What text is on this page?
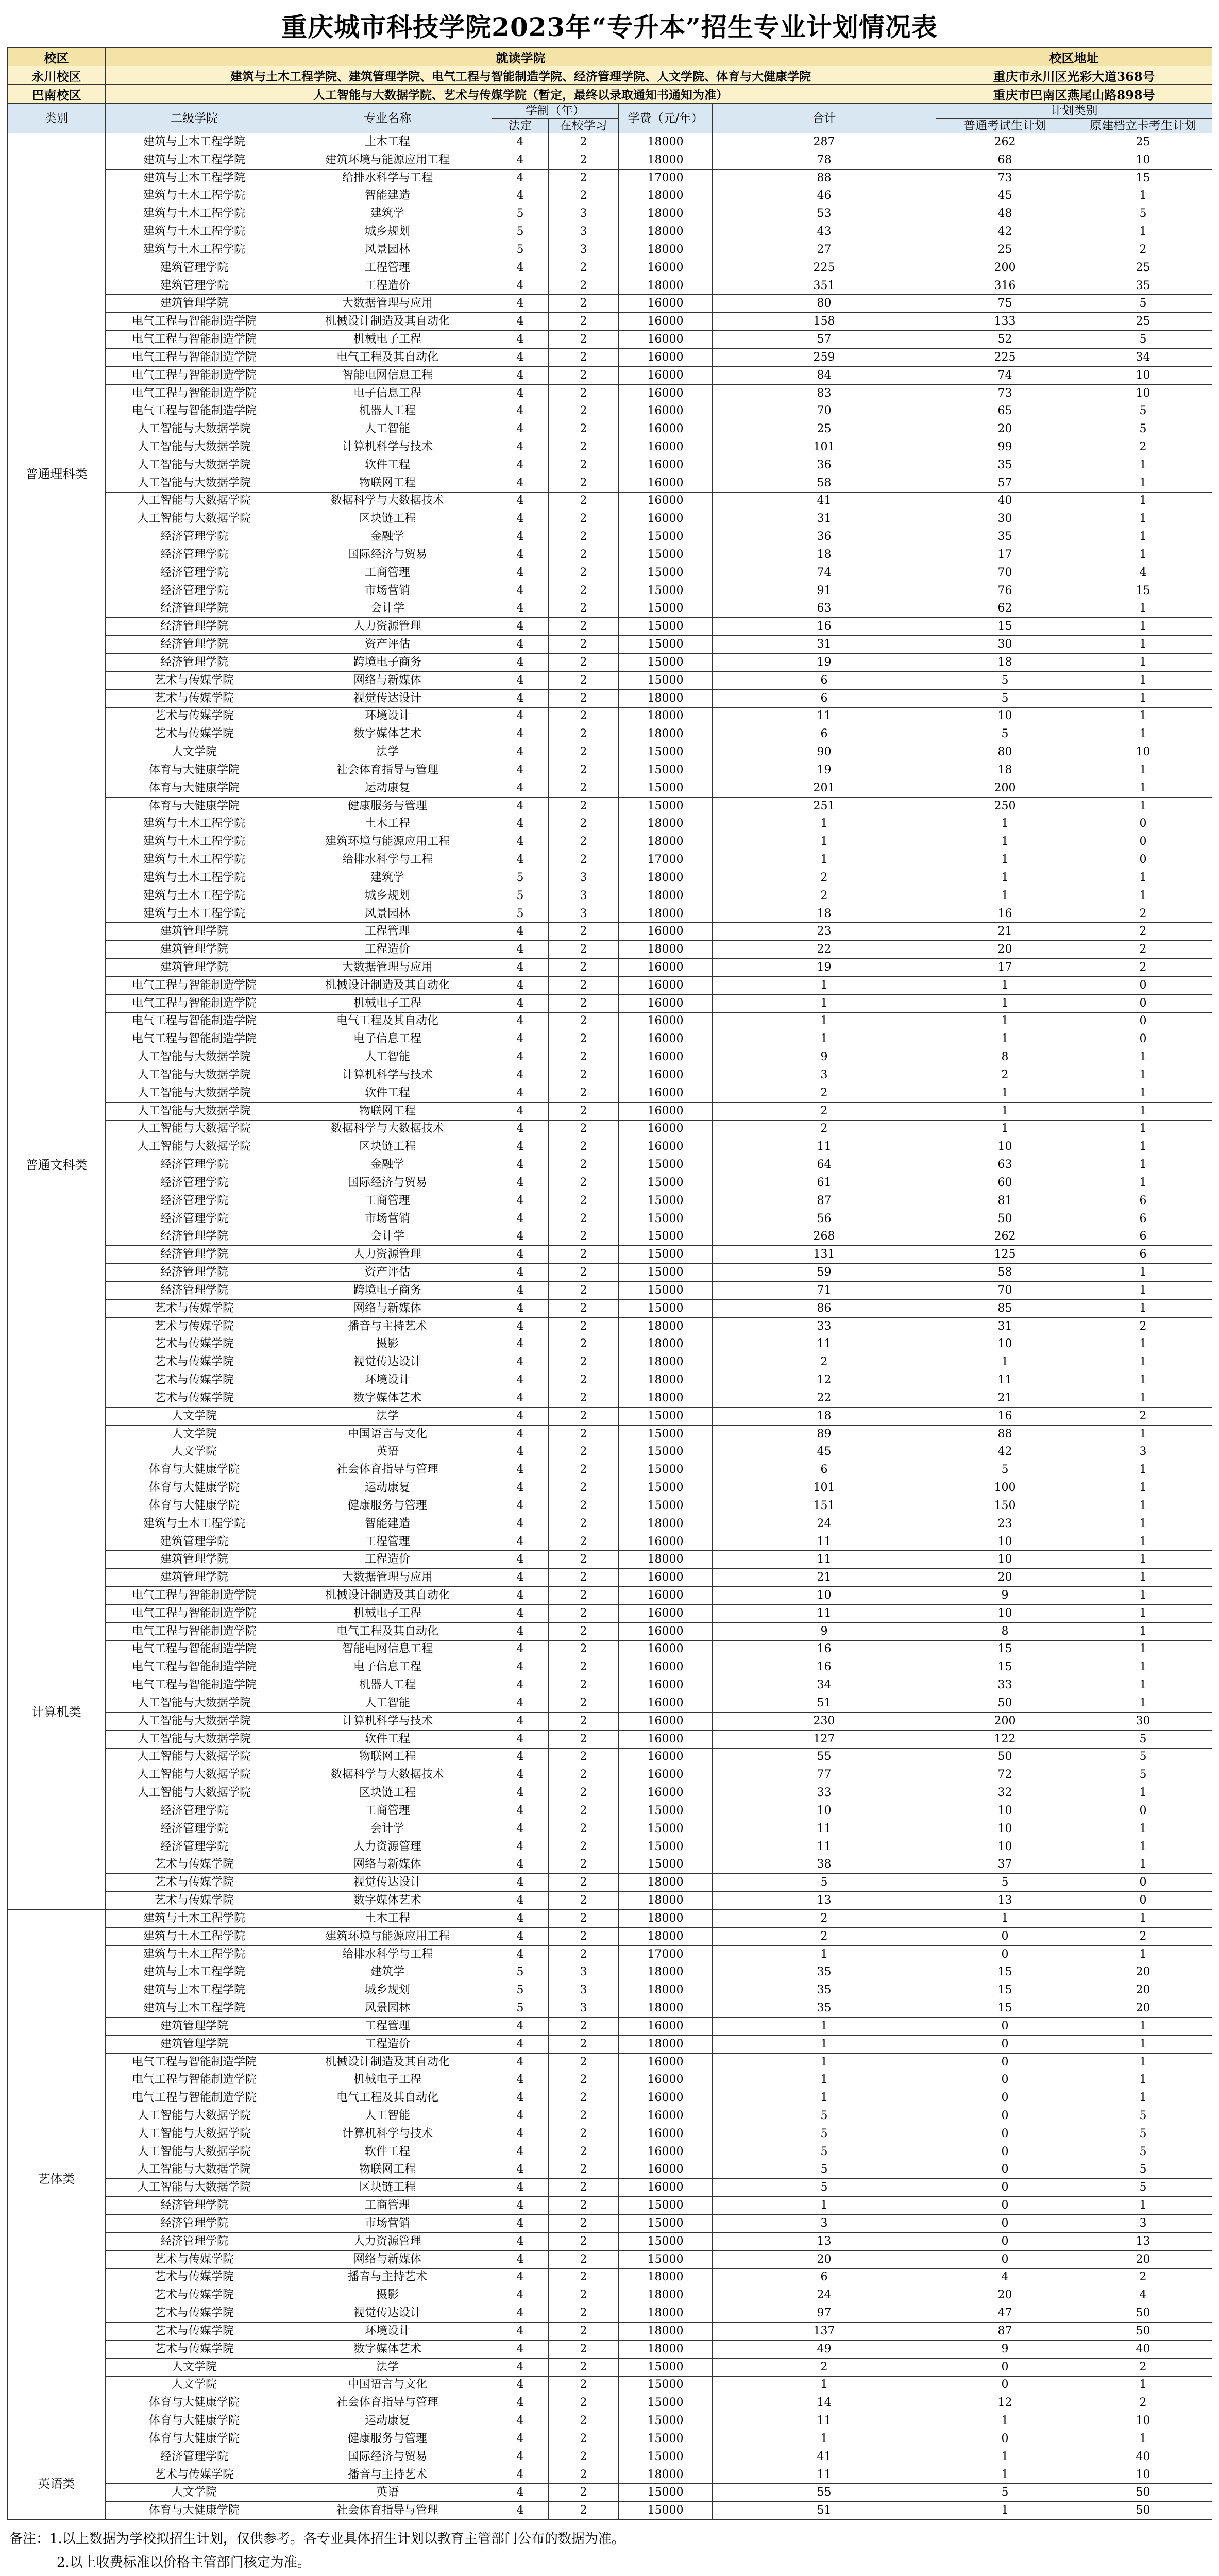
重庆城市科技学院2023年“专升本”招生专业计划情况表
校区	就读学院	校区地址
永川校区	建筑与土木工程学院、建筑管理学院、电气工程与智能制造学院、经济管理学院、人文学院、体育与大健康学院	重庆市永川区光彩大道368号
巴南校区	人工智能与大数据学院、艺术与传媒学院（暂定，最终以录取通知书通知为准）	重庆市巴南区燕尾山路898号
类别	二级学院	专业名称	学制（年）		学费（元/年）	合计	计划类别	
			法定	在校学习			普通考试生计划	原建档立卡考生计划
普通理科类	建筑与土木工程学院	土木工程	4	2	18000	287	262	25
	建筑与土木工程学院	建筑环境与能源应用工程	4	2	18000	78	68	10
	建筑与土木工程学院	给排水科学与工程	4	2	17000	88	73	15
	建筑与土木工程学院	智能建造	4	2	18000	46	45	1
	建筑与土木工程学院	建筑学	5	3	18000	53	48	5
	建筑与土木工程学院	城乡规划	5	3	18000	43	42	1
	建筑与土木工程学院	风景园林	5	3	18000	27	25	2
	建筑管理学院	工程管理	4	2	16000	225	200	25
	建筑管理学院	工程造价	4	2	18000	351	316	35
	建筑管理学院	大数据管理与应用	4	2	16000	80	75	5
	电气工程与智能制造学院	机械设计制造及其自动化	4	2	16000	158	133	25
	电气工程与智能制造学院	机械电子工程	4	2	16000	57	52	5
	电气工程与智能制造学院	电气工程及其自动化	4	2	16000	259	225	34
	电气工程与智能制造学院	智能电网信息工程	4	2	16000	84	74	10
	电气工程与智能制造学院	电子信息工程	4	2	16000	83	73	10
	电气工程与智能制造学院	机器人工程	4	2	16000	70	65	5
	人工智能与大数据学院	人工智能	4	2	16000	25	20	5
	人工智能与大数据学院	计算机科学与技术	4	2	16000	101	99	2
	人工智能与大数据学院	软件工程	4	2	16000	36	35	1
	人工智能与大数据学院	物联网工程	4	2	16000	58	57	1
	人工智能与大数据学院	数据科学与大数据技术	4	2	16000	41	40	1
	人工智能与大数据学院	区块链工程	4	2	16000	31	30	1
	经济管理学院	金融学	4	2	15000	36	35	1
	经济管理学院	国际经济与贸易	4	2	15000	18	17	1
	经济管理学院	工商管理	4	2	15000	74	70	4
	经济管理学院	市场营销	4	2	15000	91	76	15
	经济管理学院	会计学	4	2	15000	63	62	1
	经济管理学院	人力资源管理	4	2	15000	16	15	1
	经济管理学院	资产评估	4	2	15000	31	30	1
	经济管理学院	跨境电子商务	4	2	15000	19	18	1
	艺术与传媒学院	网络与新媒体	4	2	15000	6	5	1
	艺术与传媒学院	视觉传达设计	4	2	18000	6	5	1
	艺术与传媒学院	环境设计	4	2	18000	11	10	1
	艺术与传媒学院	数字媒体艺术	4	2	18000	6	5	1
	人文学院	法学	4	2	15000	90	80	10
	体育与大健康学院	社会体育指导与管理	4	2	15000	19	18	1
	体育与大健康学院	运动康复	4	2	15000	201	200	1
	体育与大健康学院	健康服务与管理	4	2	15000	251	250	1
普通文科类	建筑与土木工程学院	土木工程	4	2	18000	1	1	0
	建筑与土木工程学院	建筑环境与能源应用工程	4	2	18000	1	1	0
	建筑与土木工程学院	给排水科学与工程	4	2	17000	1	1	0
	建筑与土木工程学院	建筑学	5	3	18000	2	1	1
	建筑与土木工程学院	城乡规划	5	3	18000	2	1	1
	建筑与土木工程学院	风景园林	5	3	18000	18	16	2
	建筑管理学院	工程管理	4	2	16000	23	21	2
	建筑管理学院	工程造价	4	2	18000	22	20	2
	建筑管理学院	大数据管理与应用	4	2	16000	19	17	2
	电气工程与智能制造学院	机械设计制造及其自动化	4	2	16000	1	1	0
	电气工程与智能制造学院	机械电子工程	4	2	16000	1	1	0
	电气工程与智能制造学院	电气工程及其自动化	4	2	16000	1	1	0
	电气工程与智能制造学院	电子信息工程	4	2	16000	1	1	0
	人工智能与大数据学院	人工智能	4	2	16000	9	8	1
	人工智能与大数据学院	计算机科学与技术	4	2	16000	3	2	1
	人工智能与大数据学院	软件工程	4	2	16000	2	1	1
	人工智能与大数据学院	物联网工程	4	2	16000	2	1	1
	人工智能与大数据学院	数据科学与大数据技术	4	2	16000	2	1	1
	人工智能与大数据学院	区块链工程	4	2	16000	11	10	1
	经济管理学院	金融学	4	2	15000	64	63	1
	经济管理学院	国际经济与贸易	4	2	15000	61	60	1
	经济管理学院	工商管理	4	2	15000	87	81	6
	经济管理学院	市场营销	4	2	15000	56	50	6
	经济管理学院	会计学	4	2	15000	268	262	6
	经济管理学院	人力资源管理	4	2	15000	131	125	6
	经济管理学院	资产评估	4	2	15000	59	58	1
	经济管理学院	跨境电子商务	4	2	15000	71	70	1
	艺术与传媒学院	网络与新媒体	4	2	15000	86	85	1
	艺术与传媒学院	播音与主持艺术	4	2	18000	33	31	2
	艺术与传媒学院	摄影	4	2	18000	11	10	1
	艺术与传媒学院	视觉传达设计	4	2	18000	2	1	1
	艺术与传媒学院	环境设计	4	2	18000	12	11	1
	艺术与传媒学院	数字媒体艺术	4	2	18000	22	21	1
	人文学院	法学	4	2	15000	18	16	2
	人文学院	中国语言与文化	4	2	15000	89	88	1
	人文学院	英语	4	2	15000	45	42	3
	体育与大健康学院	社会体育指导与管理	4	2	15000	6	5	1
	体育与大健康学院	运动康复	4	2	15000	101	100	1
	体育与大健康学院	健康服务与管理	4	2	15000	151	150	1
计算机类	建筑与土木工程学院	智能建造	4	2	18000	24	23	1
	建筑管理学院	工程管理	4	2	16000	11	10	1
	建筑管理学院	工程造价	4	2	18000	11	10	1
	建筑管理学院	大数据管理与应用	4	2	16000	21	20	1
	电气工程与智能制造学院	机械设计制造及其自动化	4	2	16000	10	9	1
	电气工程与智能制造学院	机械电子工程	4	2	16000	11	10	1
	电气工程与智能制造学院	电气工程及其自动化	4	2	16000	9	8	1
	电气工程与智能制造学院	智能电网信息工程	4	2	16000	16	15	1
	电气工程与智能制造学院	电子信息工程	4	2	16000	16	15	1
	电气工程与智能制造学院	机器人工程	4	2	16000	34	33	1
	人工智能与大数据学院	人工智能	4	2	16000	51	50	1
	人工智能与大数据学院	计算机科学与技术	4	2	16000	230	200	30
	人工智能与大数据学院	软件工程	4	2	16000	127	122	5
	人工智能与大数据学院	物联网工程	4	2	16000	55	50	5
	人工智能与大数据学院	数据科学与大数据技术	4	2	16000	77	72	5
	人工智能与大数据学院	区块链工程	4	2	16000	33	32	1
	经济管理学院	工商管理	4	2	15000	10	10	0
	经济管理学院	会计学	4	2	15000	11	10	1
	经济管理学院	人力资源管理	4	2	15000	11	10	1
	艺术与传媒学院	网络与新媒体	4	2	15000	38	37	1
	艺术与传媒学院	视觉传达设计	4	2	18000	5	5	0
	艺术与传媒学院	数字媒体艺术	4	2	18000	13	13	0
艺体类	建筑与土木工程学院	土木工程	4	2	18000	2	1	1
	建筑与土木工程学院	建筑环境与能源应用工程	4	2	18000	2	0	2
	建筑与土木工程学院	给排水科学与工程	4	2	17000	1	0	1
	建筑与土木工程学院	建筑学	5	3	18000	35	15	20
	建筑与土木工程学院	城乡规划	5	3	18000	35	15	20
	建筑与土木工程学院	风景园林	5	3	18000	35	15	20
	建筑管理学院	工程管理	4	2	16000	1	0	1
	建筑管理学院	工程造价	4	2	18000	1	0	1
	电气工程与智能制造学院	机械设计制造及其自动化	4	2	16000	1	0	1
	电气工程与智能制造学院	机械电子工程	4	2	16000	1	0	1
	电气工程与智能制造学院	电气工程及其自动化	4	2	16000	1	0	1
	人工智能与大数据学院	人工智能	4	2	16000	5	0	5
	人工智能与大数据学院	计算机科学与技术	4	2	16000	5	0	5
	人工智能与大数据学院	软件工程	4	2	16000	5	0	5
	人工智能与大数据学院	物联网工程	4	2	16000	5	0	5
	人工智能与大数据学院	区块链工程	4	2	16000	5	0	5
	经济管理学院	工商管理	4	2	15000	1	0	1
	经济管理学院	市场营销	4	2	15000	3	0	3
	经济管理学院	人力资源管理	4	2	15000	13	0	13
	艺术与传媒学院	网络与新媒体	4	2	15000	20	0	20
	艺术与传媒学院	播音与主持艺术	4	2	18000	6	4	2
	艺术与传媒学院	摄影	4	2	18000	24	20	4
	艺术与传媒学院	视觉传达设计	4	2	18000	97	47	50
	艺术与传媒学院	环境设计	4	2	18000	137	87	50
	艺术与传媒学院	数字媒体艺术	4	2	18000	49	9	40
	人文学院	法学	4	2	15000	2	0	2
	人文学院	中国语言与文化	4	2	15000	1	0	1
	体育与大健康学院	社会体育指导与管理	4	2	15000	14	12	2
	体育与大健康学院	运动康复	4	2	15000	11	1	10
	体育与大健康学院	健康服务与管理	4	2	15000	1	0	1
英语类	经济管理学院	国际经济与贸易	4	2	15000	41	1	40
	艺术与传媒学院	播音与主持艺术	4	2	18000	11	1	10
	人文学院	英语	4	2	15000	55	5	50
	体育与大健康学院	社会体育指导与管理	4	2	15000	51	1	50
备注：1.以上数据为学校拟招生计划，仅供参考。各专业具体招生计划以教育主管部门公布的数据为准。
2.以上收费标准以价格主管部门核定为准。
